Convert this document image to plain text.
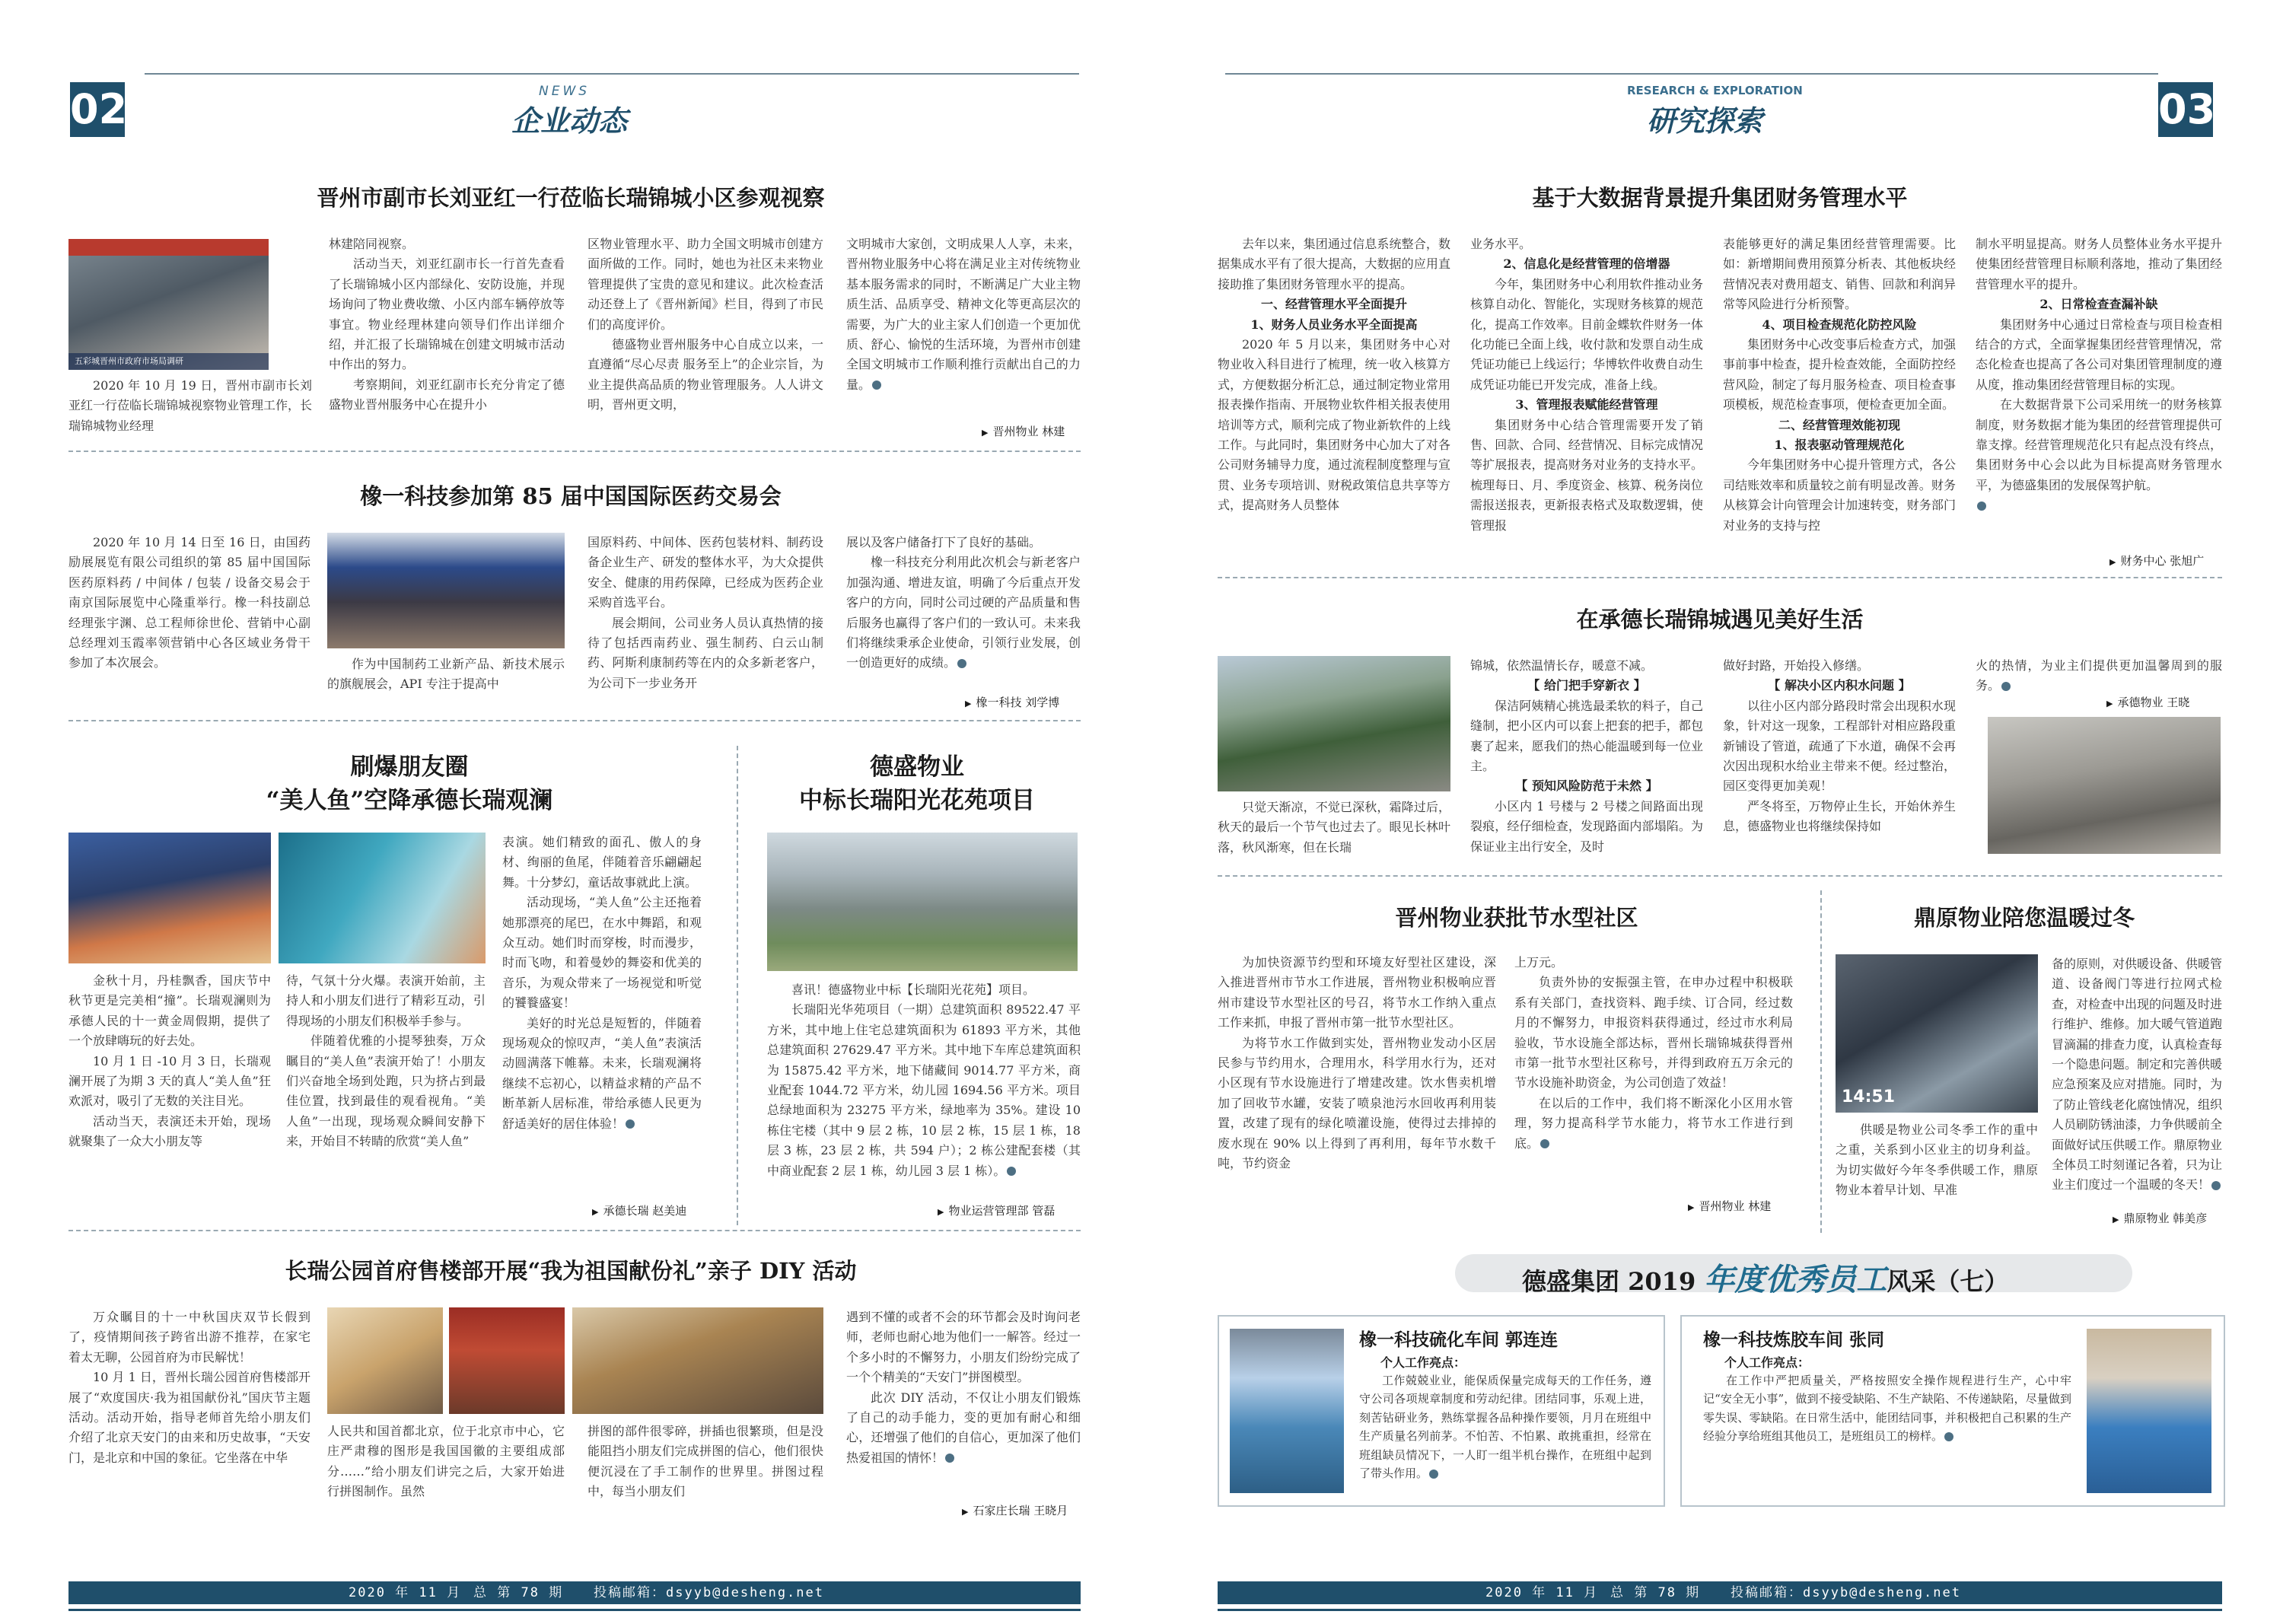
02	NEWS
企业动态
晋州市副市长刘亚红一行莅临长瑞锦城小区参观视察
五彩城晋州市政府市场局调研
2020 年 10 月 19 日，晋州市副市长刘亚红一行莅临长瑞锦城视察物业管理工作，长瑞锦城物业经理

林建陪同视察。

活动当天，刘亚红副市长一行首先查看了长瑞锦城小区内部绿化、安防设施，并现场询问了物业费收缴、小区内部车辆停放等事宜。物业经理林建向领导们作出详细介绍，并汇报了长瑞锦城在创建文明城市活动中作出的努力。

考察期间，刘亚红副市长充分肯定了德盛物业晋州服务中心在提升小

区物业管理水平、助力全国文明城市创建方面所做的工作。同时，她也为社区未来物业管理提供了宝贵的意见和建议。此次检查活动还登上了《晋州新闻》栏目，得到了市民们的高度评价。

德盛物业晋州服务中心自成立以来，一直遵循“尽心尽责 服务至上”的企业宗旨，为业主提供高品质的物业管理服务。人人讲文明，晋州更文明，

文明城市大家创，文明成果人人享，未来，晋州物业服务中心将在满足业主对传统物业基本服务需求的同时，不断满足广大业主物质生活、品质享受、精神文化等更高层次的需要，为广大的业主家人们创造一个更加优质、舒心、愉悦的生活环境，为晋州市创建全国文明城市工作顺利推行贡献出自己的力量。

▶ 晋州物业 林建
橡一科技参加第 85 届中国国际医药交易会

2020 年 10 月 14 日至 16 日，由国药励展展览有限公司组织的第 85 届中国国际医药原料药 / 中间体 / 包装 / 设备交易会于南京国际展览中心隆重举行。橡一科技副总经理张宇渊、总工程师徐世伦、营销中心副总经理刘玉霞率领营销中心各区域业务骨干参加了本次展会。	作为中国制药工业新产品、新技术展示的旗舰展会，API 专注于提高中

国原料药、中间体、医药包装材料、制药设备企业生产、研发的整体水平，为大众提供安全、健康的用药保障，已经成为医药企业采购首选平台。

展会期间，公司业务人员认真热情的接待了包括西南药业、强生制药、白云山制药、阿斯利康制药等在内的众多新老客户，为公司下一步业务开

展以及客户储备打下了良好的基础。

橡一科技充分利用此次机会与新老客户加强沟通、增进友谊，明确了今后重点开发客户的方向，同时公司过硬的产品质量和售后服务也赢得了客户们的一致认可。未来我们将继续秉承企业使命，引领行业发展，创一创造更好的成绩。

▶ 橡一科技 刘学博
刷爆朋友圈
“美人鱼”空降承德长瑞观澜

金秋十月，丹桂飘香，国庆节中秋节更是完美相“撞”。长瑞观澜则为承德人民的十一黄金周假期，提供了一个放肆嗨玩的好去处。

10 月 1 日 -10 月 3 日，长瑞观澜开展了为期 3 天的真人“美人鱼”狂欢派对，吸引了无数的关注目光。

活动当天，表演还未开始，现场就聚集了一众大小朋友等

待，气氛十分火爆。表演开始前，主持人和小朋友们进行了精彩互动，引得现场的小朋友们积极举手参与。

伴随着优雅的小提琴独奏，万众瞩目的“美人鱼”表演开始了！小朋友们兴奋地全场到处跑，只为挤占到最佳位置，找到最佳的观看视角。“美人鱼”一出现，现场观众瞬间安静下来，开始目不转睛的欣赏“美人鱼”

表演。她们精致的面孔、傲人的身材、绚丽的鱼尾，伴随着音乐翩翩起舞。十分梦幻，童话故事就此上演。

活动现场，“美人鱼”公主还拖着她那漂亮的尾巴，在水中舞蹈，和观众互动。她们时而穿梭，时而漫步，时而飞吻，和着曼妙的舞姿和优美的音乐，为观众带来了一场视觉和听觉的饕餮盛宴！

美好的时光总是短暂的，伴随着现场观众的惊叹声，“美人鱼”表演活动圆满落下帷幕。未来，长瑞观澜将继续不忘初心，以精益求精的产品不断革新人居标准，带给承德人民更为舒适美好的居住体验！

▶ 承德长瑞 赵美迪
德盛物业
中标长瑞阳光花苑项目

喜讯！德盛物业中标【长瑞阳光花苑】项目。

长瑞阳光华苑项目（一期）总建筑面积 89522.47 平方米，其中地上住宅总建筑面积为 61893 平方米，其他总建筑面积 27629.47 平方米。其中地下车库总建筑面积为 15875.42 平方米，地下储藏间 9014.77 平方米，商业配套 1044.72 平方米，幼儿园 1694.56 平方米。项目总绿地面积为 23275 平方米，绿地率为 35%。建设 10 栋住宅楼（其中 9 层 2 栋，10 层 2 栋，15 层 1 栋，18 层 3 栋，23 层 2 栋，共 594 户）；2 栋公建配套楼（其中商业配套 2 层 1 栋，幼儿园 3 层 1 栋）。

▶ 物业运营管理部 管磊
长瑞公园首府售楼部开展“我为祖国献份礼”亲子 DIY 活动

万众瞩目的十一中秋国庆双节长假到了，疫情期间孩子跨省出游不推荐，在家宅着太无聊，公园首府为市民解忧！

10 月 1 日，晋州长瑞公园首府售楼部开展了“欢度国庆·我为祖国献份礼”国庆节主题活动。活动开始，指导老师首先给小朋友们介绍了北京天安门的由来和历史故事，“天安门，是北京和中国的象征。它坐落在中华

人民共和国首都北京，位于北京市中心，它庄严肃穆的图形是我国国徽的主要组成部分……”给小朋友们讲完之后，大家开始进行拼图制作。虽然

拼图的部件很零碎，拼插也很繁琐，但是没能阻挡小朋友们完成拼图的信心，他们很快便沉浸在了手工制作的世界里。拼图过程中，每当小朋友们

遇到不懂的或者不会的环节都会及时询问老师，老师也耐心地为他们一一解答。经过一个多小时的不懈努力，小朋友们纷纷完成了一个个精美的“天安门”拼图模型。

此次 DIY 活动，不仅让小朋友们锻炼了自己的动手能力，变的更加有耐心和细心，还增强了他们的自信心，更加深了他们热爱祖国的情怀！

▶ 石家庄长瑞 王晓月
2020 年 11 月 总 第 78 期 投稿邮箱：dsyyb@desheng.net
03
RESEARCH & EXPLORATION
研究探索
基于大数据背景提升集团财务管理水平

去年以来，集团通过信息系统整合，数据集成水平有了很大提高，大数据的应用直接助推了集团财务管理水平的提高。

一、经营管理水平全面提升

1、财务人员业务水平全面提高

2020 年 5 月以来，集团财务中心对物业收入科目进行了梳理，统一收入核算方式，方便数据分析汇总，通过制定物业常用报表操作指南、开展物业软件相关报表使用培训等方式，顺利完成了物业新软件的上线工作。与此同时，集团财务中心加大了对各公司财务辅导力度，通过流程制度整理与宣贯、业务专项培训、财税政策信息共享等方式，提高财务人员整体

业务水平。

2、信息化是经营管理的倍增器

今年，集团财务中心利用软件推动业务核算自动化、智能化，实现财务核算的规范化，提高工作效率。目前金蝶软件财务一体化功能已全面上线，收付款和发票自动生成凭证功能已上线运行；华博软件收费自动生成凭证功能已开发完成，准备上线。

3、管理报表赋能经营管理

集团财务中心结合管理需要开发了销售、回款、合同、经营情况、目标完成情况等扩展报表，提高财务对业务的支持水平。梳理每日、月、季度资金、核算、税务岗位需报送报表，更新报表格式及取数逻辑，使管理报

表能够更好的满足集团经营管理需要。比如：新增期间费用预算分析表、其他板块经营情况表对费用超支、销售、回款和利润异常等风险进行分析预警。

4、项目检查规范化防控风险

集团财务中心改变事后检查方式，加强事前事中检查，提升检查效能，全面防控经营风险，制定了每月服务检查、项目检查事项模板，规范检查事项，便检查更加全面。

二、经营管理效能初现

1、报表驱动管理规范化

今年集团财务中心提升管理方式，各公司结账效率和质量较之前有明显改善。财务从核算会计向管理会计加速转变，财务部门对业务的支持与控

制水平明显提高。财务人员整体业务水平提升使集团经营管理目标顺利落地，推动了集团经营管理水平的提升。

2、日常检查查漏补缺

集团财务中心通过日常检查与项目检查相结合的方式，全面掌握集团经营管理情况，常态化检查也提高了各公司对集团管理制度的遵从度，推动集团经营管理目标的实现。

在大数据背景下公司采用统一的财务核算制度，财务数据才能为集团的经营管理提供可靠支撑。经营管理规范化只有起点没有终点，集团财务中心会以此为目标提高财务管理水平，为德盛集团的发展保驾护航。

▶ 财务中心 张旭广
在承德长瑞锦城遇见美好生活

只觉天渐凉，不觉已深秋，霜降过后，秋天的最后一个节气也过去了。眼见长林叶落，秋风渐寒，但在长瑞

锦城，依然温情长存，暖意不减。

【 给门把手穿新衣 】

保洁阿姨精心挑选最柔软的料子，自己缝制，把小区内可以套上把套的把手，都包裹了起来，愿我们的热心能温暖到每一位业主。

【 预知风险防范于未然 】

小区内 1 号楼与 2 号楼之间路面出现裂痕，经仔细检查，发现路面内部塌陷。为保证业主出行安全，及时

做好封路，开始投入修缮。

【 解决小区内积水问题 】

以往小区内部分路段时常会出现积水现象，针对这一现象，工程部针对相应路段重新铺设了管道，疏通了下水道，确保不会再次因出现积水给业主带来不便。经过整治，园区变得更加美观！

严冬将至，万物停止生长，开始休养生息，德盛物业也将继续保持如

火的热情，为业主们提供更加温馨周到的服务。

▶ 承德物业 王晓
晋州物业获批节水型社区

为加快资源节约型和环境友好型社区建设，深入推进晋州市节水工作进展，晋州物业积极响应晋州市建设节水型社区的号召，将节水工作纳入重点工作来抓，申报了晋州市第一批节水型社区。

为将节水工作做到实处，晋州物业发动小区居民参与节约用水，合理用水，科学用水行为，还对小区现有节水设施进行了增建改建。饮水售卖机增加了回收节水罐，安装了喷泉池污水回收再利用装置，改建了现有的绿化喷灌设施，使得过去排掉的废水现在 90% 以上得到了再利用，每年节水数千吨，节约资金

上万元。

负责外协的安振强主管，在申办过程中积极联系有关部门，查找资料、跑手续、订合同，经过数月的不懈努力，申报资料获得通过，经过市水利局验收，节水设施全部达标，晋州长瑞锦城获得晋州市第一批节水型社区称号，并得到政府五万余元的节水设施补助资金，为公司创造了效益！

在以后的工作中，我们将不断深化小区用水管理，努力提高科学节水能力，将节水工作进行到底。

▶ 晋州物业 林建
鼎原物业陪您温暖过冬
14:51

供暖是物业公司冬季工作的重中之重，关系到小区业主的切身利益。为切实做好今年冬季供暖工作，鼎原物业本着早计划、早准

备的原则，对供暖设备、供暖管道、设备阀门等进行拉网式检查，对检查中出现的问题及时进行维护、维修。加大暖气管道跑冒滴漏的排查力度，认真检查每一个隐患问题。制定和完善供暖应急预案及应对措施。同时，为了防止管线老化腐蚀情况，组织人员刷防锈油漆，力争供暖前全面做好试压供暖工作。鼎原物业全体员工时刻谨记各着，只为让业主们度过一个温暖的冬天！

▶ 鼎原物业 韩美彦
德盛集团 2019 年度优秀员工风采（七）
橡一科技硫化车间 郭连连
个人工作亮点：

工作兢兢业业，能保质保量完成每天的工作任务，遵守公司各项规章制度和劳动纪律。团结同事，乐观上进，刻苦钻研业务，熟练掌握各品种操作要领，月月在班组中生产质量名列前茅。不怕苦、不怕累、敢挑重担，经常在班组缺员情况下，一人盯一组半机台操作，在班组中起到了带头作用。

橡一科技炼胶车间 张同
个人工作亮点：

在工作中严把质量关，严格按照安全操作规程进行生产，心中牢记“安全无小事”，做到不接受缺陷、不生产缺陷、不传递缺陷，尽量做到零失误、零缺陷。在日常生活中，能团结同事，并积极把自己积累的生产经验分享给班组其他员工，是班组员工的榜样。

2020 年 11 月 总 第 78 期 投稿邮箱：dsyyb@desheng.net
